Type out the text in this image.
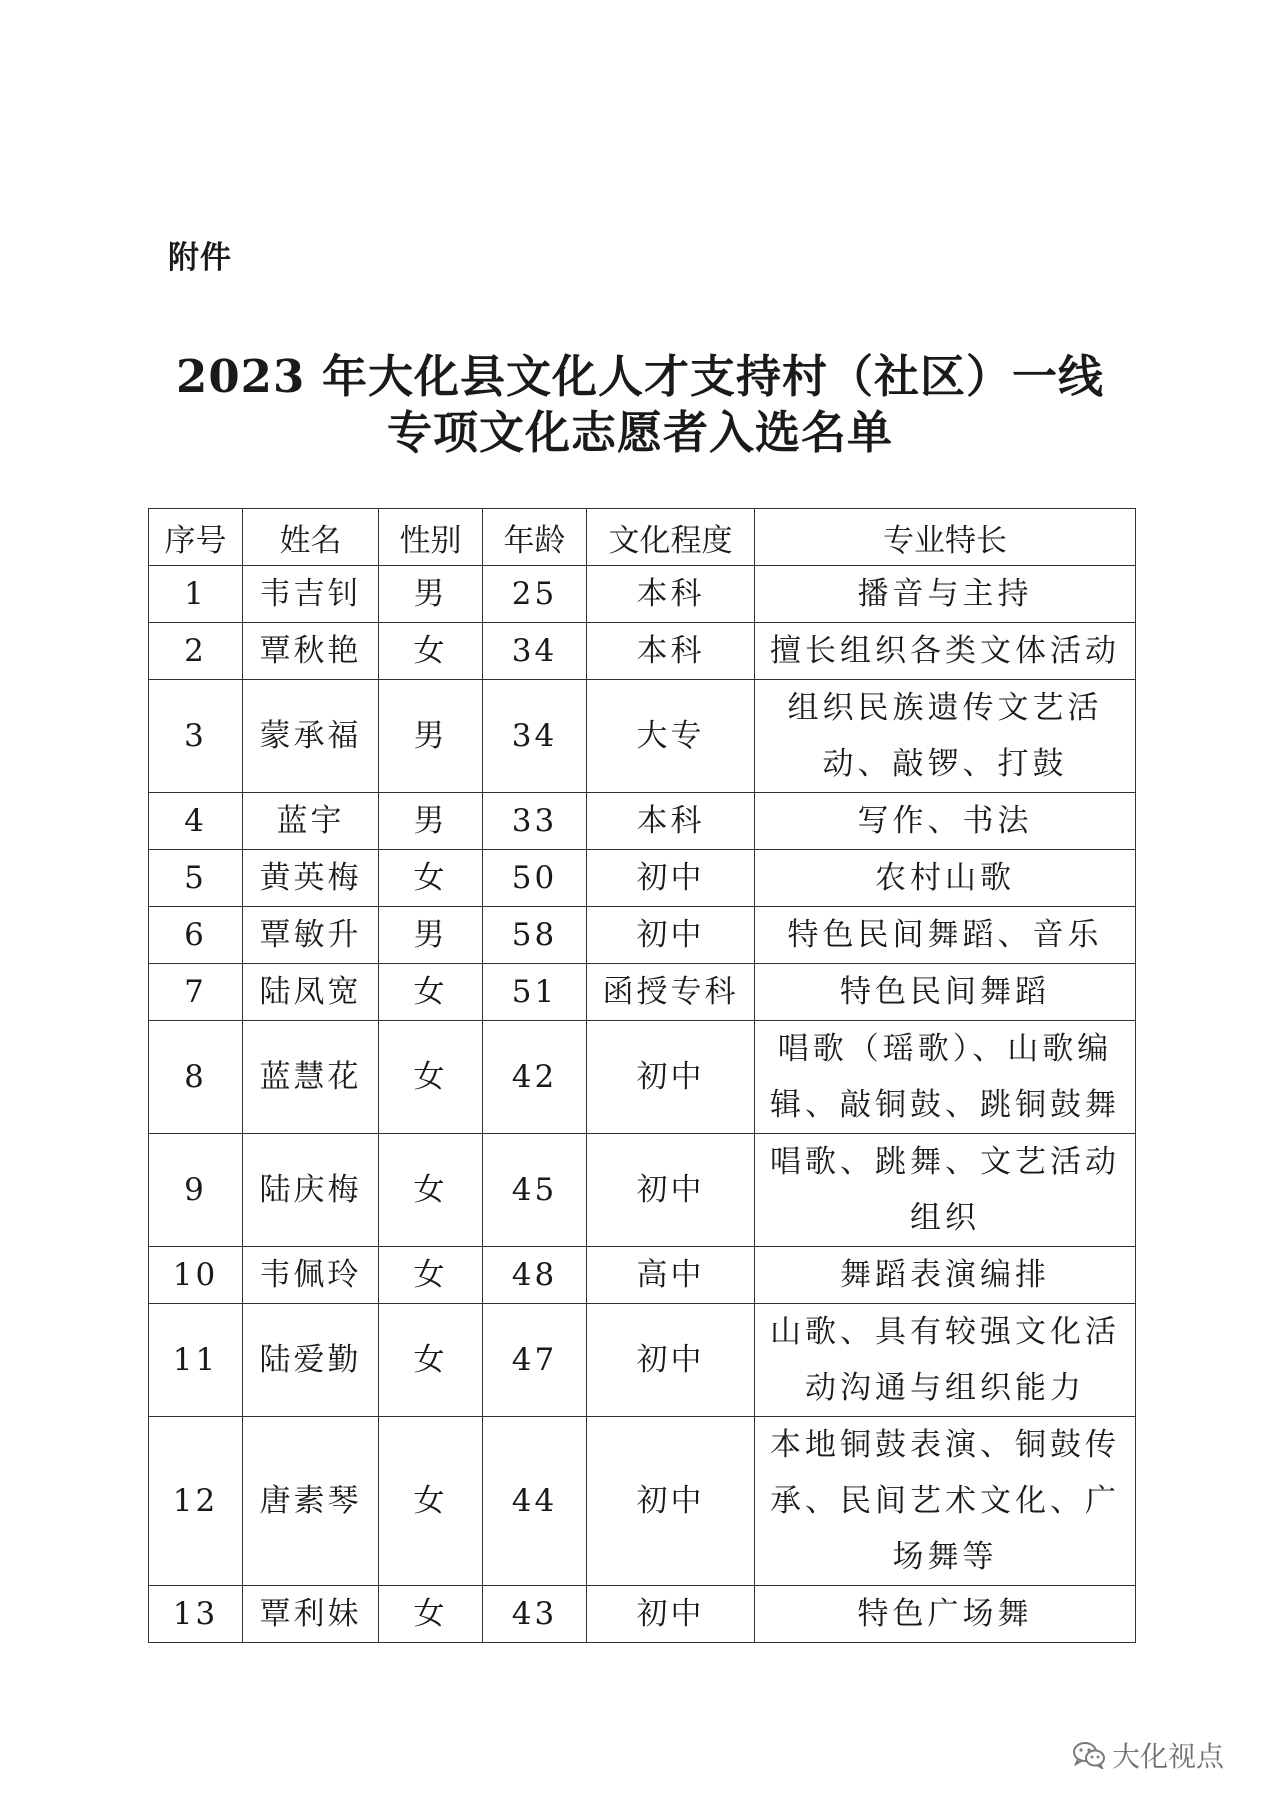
附件
2023 年大化县文化人才支持村（社区）一线
专项文化志愿者入选名单
序号	姓名	性别	年龄	文化程度	专业特长
1	韦吉钊	男	25	本科	播音与主持
2	覃秋艳	女	34	本科	擅长组织各类文体活动
3	蒙承福	男	34	大专	组织民族遗传文艺活动、敲锣、打鼓
4	蓝宇	男	33	本科	写作、书法
5	黄英梅	女	50	初中	农村山歌
6	覃敏升	男	58	初中	特色民间舞蹈、音乐
7	陆凤宽	女	51	函授专科	特色民间舞蹈
8	蓝慧花	女	42	初中	唱歌（瑶歌）、山歌编辑、敲铜鼓、跳铜鼓舞
9	陆庆梅	女	45	初中	唱歌、跳舞、文艺活动组织
10	韦佩玲	女	48	高中	舞蹈表演编排
11	陆爱勤	女	47	初中	山歌、具有较强文化活动沟通与组织能力
12	唐素琴	女	44	初中	本地铜鼓表演、铜鼓传承、民间艺术文化、广场舞等
13	覃利妹	女	43	初中	特色广场舞
大化视点
